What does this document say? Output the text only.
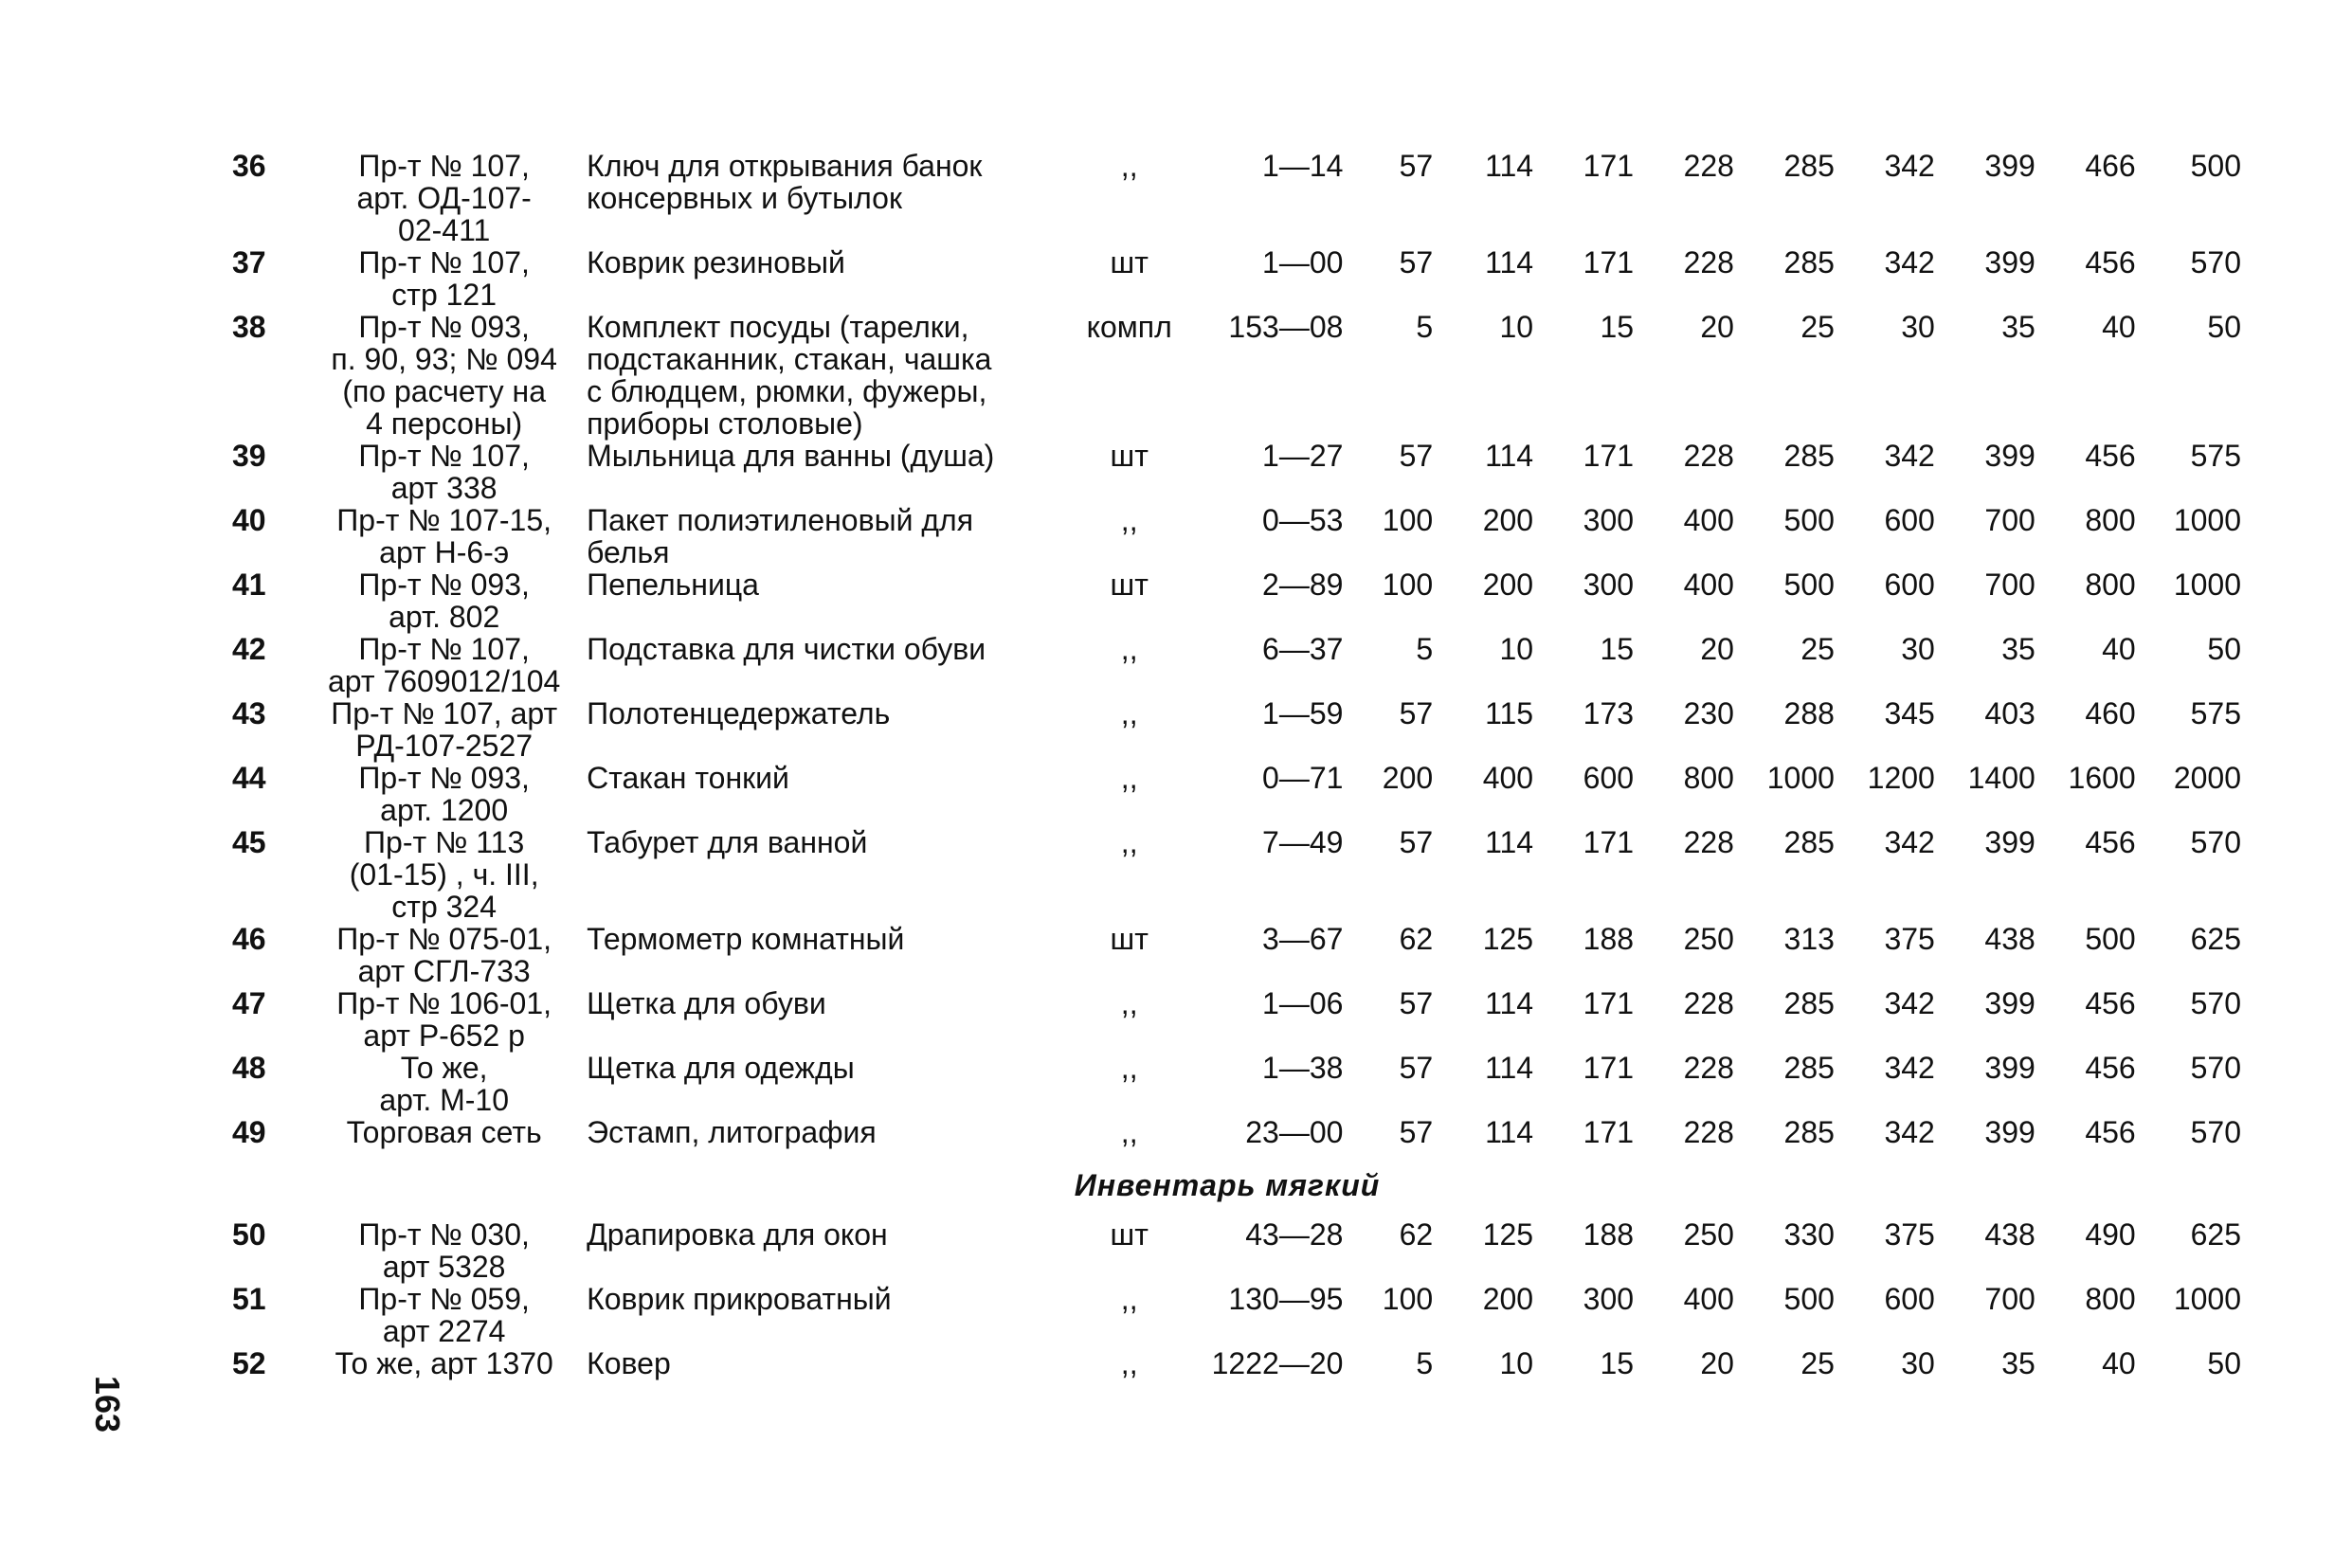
36	Пр-т № 107,
арт. ОД-107-
02-411	Ключ для открывания банок
консервных и бутылок	,,	1—14	57	114	171	228	285	342	399	466	500
37	Пр-т № 107,
стр 121	Коврик резиновый	шт	1—00	57	114	171	228	285	342	399	456	570
38	Пр-т № 093,
п. 90, 93; № 094
(по расчету на
4 персоны)	Комплект посуды (тарелки,
подстаканник, стакан, чашка
с блюдцем, рюмки, фужеры,
приборы столовые)	компл	153—08	5	10	15	20	25	30	35	40	50
39	Пр-т № 107,
арт 338	Мыльница для ванны (душа)	шт	1—27	57	114	171	228	285	342	399	456	575
40	Пр-т № 107-15,
арт Н-6-э	Пакет полиэтиленовый для
белья	,,	0—53	100	200	300	400	500	600	700	800	1000
41	Пр-т № 093,
арт. 802	Пепельница	шт	2—89	100	200	300	400	500	600	700	800	1000
42	Пр-т № 107,
арт 7609012/104	Подставка для чистки обуви	,,	6—37	5	10	15	20	25	30	35	40	50
43	Пр-т № 107, арт
РД-107-2527	Полотенцедержатель	,,	1—59	57	115	173	230	288	345	403	460	575
44	Пр-т № 093,
арт. 1200	Стакан тонкий	,,	0—71	200	400	600	800	1000	1200	1400	1600	2000
45	Пр-т № 113
(01-15) , ч. III,
стр 324	Табурет для ванной	,,	7—49	57	114	171	228	285	342	399	456	570
46	Пр-т № 075-01,
арт СГЛ-733	Термометр комнатный	шт	3—67	62	125	188	250	313	375	438	500	625
47	Пр-т № 106-01,
арт Р-652 р	Щетка для обуви	,,	1—06	57	114	171	228	285	342	399	456	570
48	То же,
арт. М-10	Щетка для одежды	,,	1—38	57	114	171	228	285	342	399	456	570
49	Торговая сеть	Эстамп, литография	,,	23—00	57	114	171	228	285	342	399	456	570
Инвентарь мягкий													
50	Пр-т № 030,
арт 5328	Драпировка для окон	шт	43—28	62	125	188	250	330	375	438	490	625
51	Пр-т № 059,
арт 2274	Коврик прикроватный	,,	130—95	100	200	300	400	500	600	700	800	1000
52	То же, арт 1370	Ковер	,,	1222—20	5	10	15	20	25	30	35	40	50
163
